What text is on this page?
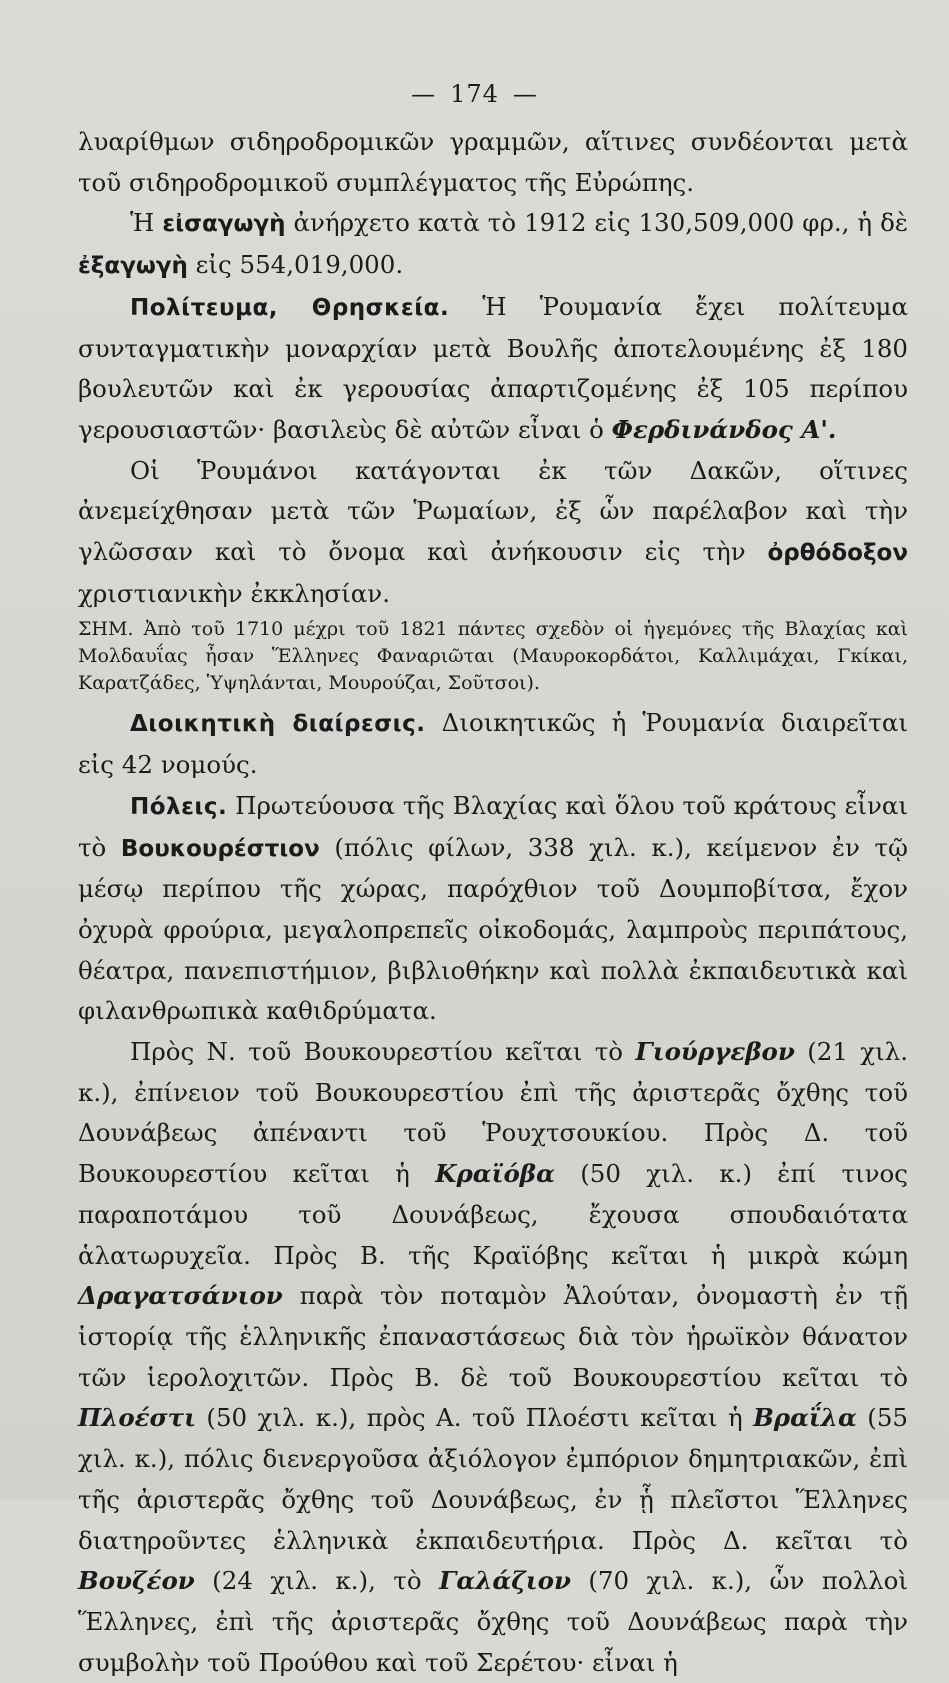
— 174 —

λυαρίθμων σιδηροδρομικῶν γραμμῶν, αἵτινες συνδέονται μετὰ τοῦ σιδηροδρομικοῦ συμπλέγματος τῆς Εὐρώπης.

Ἡ εἰσαγωγὴ ἀνήρχετο κατὰ τὸ 1912 εἰς 130,509,000 φρ., ἡ δὲ ἐξαγωγὴ εἰς 554,019,000.

Πολίτευμα, Θρησκεία. Ἡ Ῥουμανία ἔχει πολίτευμα συνταγματικὴν μοναρχίαν μετὰ Βουλῆς ἀποτελουμένης ἐξ 180 βουλευτῶν καὶ ἐκ γερουσίας ἀπαρτιζομένης ἐξ 105 περίπου γερουσιαστῶν· βασιλεὺς δὲ αὐτῶν εἶναι ὁ Φερδινάνδος Α'.

Οἱ Ῥουμάνοι κατάγονται ἐκ τῶν Δακῶν, οἵτινες ἀνεμείχθησαν μετὰ τῶν Ῥωμαίων, ἐξ ὧν παρέλαβον καὶ τὴν γλῶσσαν καὶ τὸ ὄνομα καὶ ἀνήκουσιν εἰς τὴν ὀρθόδοξον χριστιανικὴν ἐκκλησίαν.

ΣΗΜ. Ἀπὸ τοῦ 1710 μέχρι τοῦ 1821 πάντες σχεδὸν οἱ ἡγεμόνες τῆς Βλαχίας καὶ Μολδαυΐας ἦσαν Ἕλληνες Φαναριῶται (Μαυροκορδάτοι, Καλλιμάχαι, Γκίκαι, Καρατζάδες, Ὑψηλάνται, Μουρούζαι, Σοῦτσοι).

Διοικητικὴ διαίρεσις. Διοικητικῶς ἡ Ῥουμανία διαιρεῖται εἰς 42 νομούς.

Πόλεις. Πρωτεύουσα τῆς Βλαχίας καὶ ὅλου τοῦ κράτους εἶναι τὸ Βουκουρέστιον (πόλις φίλων, 338 χιλ. κ.), κείμενον ἐν τῷ μέσῳ περίπου τῆς χώρας, παρόχθιον τοῦ Δουμποβίτσα, ἔχον ὀχυρὰ φρούρια, μεγαλοπρεπεῖς οἰκοδομάς, λαμπροὺς περιπάτους, θέατρα, πανεπιστήμιον, βιβλιοθήκην καὶ πολλὰ ἐκπαιδευτικὰ καὶ φιλανθρωπικὰ καθιδρύματα.

Πρὸς Ν. τοῦ Βουκουρεστίου κεῖται τὸ Γιούργεβον (21 χιλ. κ.), ἐπίνειον τοῦ Βουκουρεστίου ἐπὶ τῆς ἀριστερᾶς ὄχθης τοῦ Δουνάβεως ἀπέναντι τοῦ Ῥουχτσουκίου. Πρὸς Δ. τοῦ Βουκουρεστίου κεῖται ἡ Κραϊόβα (50 χιλ. κ.) ἐπί τινος παραποτάμου τοῦ Δουνάβεως, ἔχουσα σπουδαιότατα ἁλατωρυχεῖα. Πρὸς Β. τῆς Κραϊόβης κεῖται ἡ μικρὰ κώμη Δραγατσάνιον παρὰ τὸν ποταμὸν Ἀλούταν, ὀνομαστὴ ἐν τῇ ἱστορίᾳ τῆς ἑλληνικῆς ἐπαναστάσεως διὰ τὸν ἡρωϊκὸν θάνατον τῶν ἱερολοχιτῶν. Πρὸς Β. δὲ τοῦ Βουκουρεστίου κεῖται τὸ Πλοέστι (50 χιλ. κ.), πρὸς Α. τοῦ Πλοέστι κεῖται ἡ Βραΐλα (55 χιλ. κ.), πόλις διενεργοῦσα ἀξιόλογον ἐμπόριον δημητριακῶν, ἐπὶ τῆς ἀριστερᾶς ὄχθης τοῦ Δουνάβεως, ἐν ᾗ πλεῖστοι Ἕλληνες διατηροῦντες ἑλληνικὰ ἐκπαιδευτήρια. Πρὸς Δ. κεῖται τὸ Βουζέον (24 χιλ. κ.), τὸ Γαλάζιον (70 χιλ. κ.), ὧν πολλοὶ Ἕλληνες, ἐπὶ τῆς ἀριστερᾶς ὄχθης τοῦ Δουνάβεως παρὰ τὴν συμβολὴν τοῦ Προύθου καὶ τοῦ Σερέτου· εἶναι ἡ
